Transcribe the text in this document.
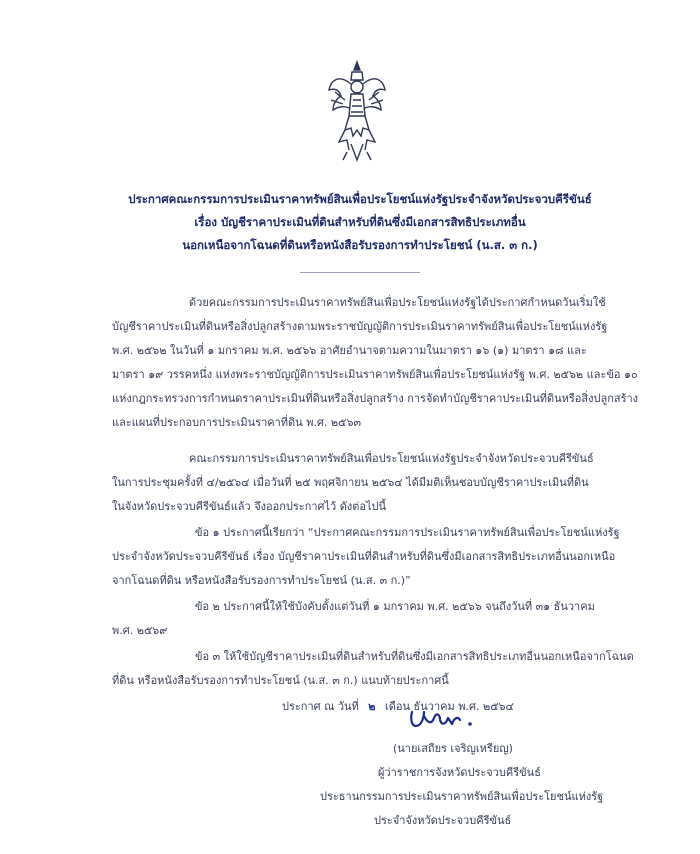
ประกาศคณะกรรมการประเมินราคาทรัพย์สินเพื่อประโยชน์แห่งรัฐประจำจังหวัดประจวบคีรีขันธ์
เรื่อง บัญชีราคาประเมินที่ดินสำหรับที่ดินซึ่งมีเอกสารสิทธิประเภทอื่น
นอกเหนือจากโฉนดที่ดินหรือหนังสือรับรองการทำประโยชน์ (น.ส. ๓ ก.)
ด้วยคณะกรรมการประเมินราคาทรัพย์สินเพื่อประโยชน์แห่งรัฐได้ประกาศกำหนดวันเริ่มใช้
บัญชีราคาประเมินที่ดินหรือสิ่งปลูกสร้างตามพระราชบัญญัติการประเมินราคาทรัพย์สินเพื่อประโยชน์แห่งรัฐ
พ.ศ. ๒๕๖๒ ในวันที่ ๑ มกราคม พ.ศ. ๒๕๖๖ อาศัยอำนาจตามความในมาตรา ๑๖ (๑) มาตรา ๑๘ และ
มาตรา ๑๙ วรรคหนึ่ง แห่งพระราชบัญญัติการประเมินราคาทรัพย์สินเพื่อประโยชน์แห่งรัฐ พ.ศ. ๒๕๖๒ และข้อ ๑๐
แห่งกฎกระทรวงการกำหนดราคาประเมินที่ดินหรือสิ่งปลูกสร้าง การจัดทำบัญชีราคาประเมินที่ดินหรือสิ่งปลูกสร้าง
และแผนที่ประกอบการประเมินราคาที่ดิน พ.ศ. ๒๕๖๓
คณะกรรมการประเมินราคาทรัพย์สินเพื่อประโยชน์แห่งรัฐประจำจังหวัดประจวบคีรีขันธ์
ในการประชุมครั้งที่ ๔/๒๕๖๔ เมื่อวันที่ ๒๕ พฤศจิกายน ๒๕๖๔ ได้มีมติเห็นชอบบัญชีราคาประเมินที่ดิน
ในจังหวัดประจวบคีรีขันธ์แล้ว จึงออกประกาศไว้ ดังต่อไปนี้
ข้อ ๑ ประกาศนี้เรียกว่า “ประกาศคณะกรรมการประเมินราคาทรัพย์สินเพื่อประโยชน์แห่งรัฐ
ประจำจังหวัดประจวบคีรีขันธ์ เรื่อง บัญชีราคาประเมินที่ดินสำหรับที่ดินซึ่งมีเอกสารสิทธิประเภทอื่นนอกเหนือ
จากโฉนดที่ดิน หรือหนังสือรับรองการทำประโยชน์ (น.ส. ๓ ก.)”
ข้อ ๒ ประกาศนี้ให้ใช้บังคับตั้งแต่วันที่ ๑ มกราคม พ.ศ. ๒๕๖๖ จนถึงวันที่ ๓๑ ธันวาคม
พ.ศ. ๒๕๖๙
ข้อ ๓ ให้ใช้บัญชีราคาประเมินที่ดินสำหรับที่ดินซึ่งมีเอกสารสิทธิประเภทอื่นนอกเหนือจากโฉนด
ที่ดิน หรือหนังสือรับรองการทำประโยชน์ (น.ส. ๓ ก.) แนบท้ายประกาศนี้
ประกาศ ณ วันที่ ๒ เดือน ธันวาคม พ.ศ. ๒๕๖๔
(นายเสถียร เจริญเหรียญ)
ผู้ว่าราชการจังหวัดประจวบคีรีขันธ์
ประธานกรรมการประเมินราคาทรัพย์สินเพื่อประโยชน์แห่งรัฐ
ประจำจังหวัดประจวบคีรีขันธ์
